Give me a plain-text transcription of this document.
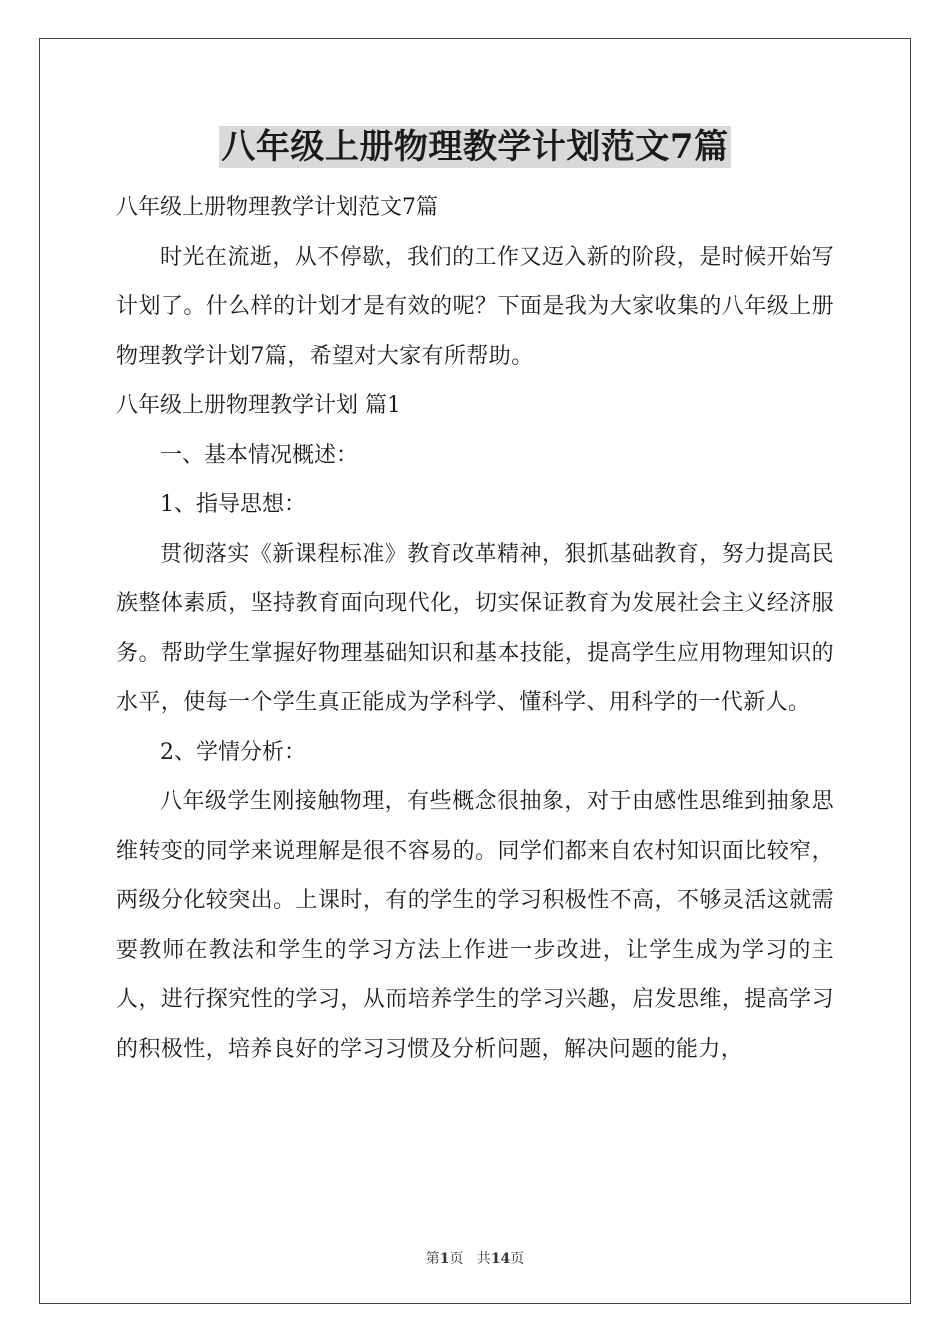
八年级上册物理教学计划范文7篇

八年级上册物理教学计划范文7篇

时光在流逝，从不停歇，我们的工作又迈入新的阶段，是时候开始写计划了。什么样的计划才是有效的呢？下面是我为大家收集的八年级上册物理教学计划7篇，希望对大家有所帮助。

八年级上册物理教学计划 篇1

一、基本情况概述：

1、指导思想：

贯彻落实《新课程标准》教育改革精神，狠抓基础教育，努力提高民族整体素质，坚持教育面向现代化，切实保证教育为发展社会主义经济服务。帮助学生掌握好物理基础知识和基本技能，提高学生应用物理知识的水平，使每一个学生真正能成为学科学、懂科学、用科学的一代新人。

2、学情分析：

八年级学生刚接触物理，有些概念很抽象，对于由感性思维到抽象思维转变的同学来说理解是很不容易的。同学们都来自农村知识面比较窄，两级分化较突出。上课时，有的学生的学习积极性不高，不够灵活这就需要教师在教法和学生的学习方法上作进一步改进，让学生成为学习的主人，进行探究性的学习，从而培养学生的学习兴趣，启发思维，提高学习的积极性，培养良好的学习习惯及分析问题，解决问题的能力，

第1页   共14页
